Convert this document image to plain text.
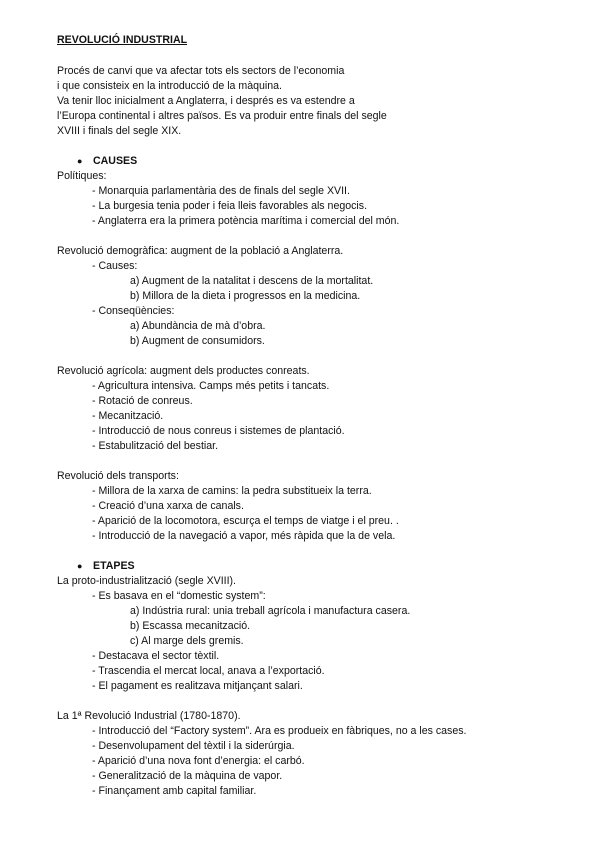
REVOLUCIÓ INDUSTRIAL
Procés de canvi que va afectar tots els sectors de l’economia
i que consisteix en la introducció de la màquina.
Va tenir lloc inicialment a Anglaterra, i després es va estendre a
l’Europa continental i altres països. Es va produir entre finals del segle
XVIII i finals del segle XIX.
● CAUSES
Polítiques:
- Monarquia parlamentària des de finals del segle XVII.
- La burgesia tenia poder i feia lleis favorables als negocis.
- Anglaterra era la primera potència marítima i comercial del món.
Revolució demogràfica: augment de la població a Anglaterra.
- Causes:
a) Augment de la natalitat i descens de la mortalitat.
b) Millora de la dieta i progressos en la medicina.
- Conseqüències:
a) Abundància de mà d’obra.
b) Augment de consumidors.
Revolució agrícola: augment dels productes conreats.
- Agricultura intensiva. Camps més petits i tancats.
- Rotació de conreus.
- Mecanització.
- Introducció de nous conreus i sistemes de plantació.
- Estabulització del bestiar.
Revolució dels transports:
- Millora de la xarxa de camins: la pedra substitueix la terra.
- Creació d’una xarxa de canals.
- Aparició de la locomotora, escurça el temps de viatge i el preu. .
- Introducció de la navegació a vapor, més ràpida que la de vela.
● ETAPES
La proto-industrialització (segle XVIII).
- Es basava en el “domestic system”:
a) Indústria rural: unia treball agrícola i manufactura casera.
b) Escassa mecanització.
c) Al marge dels gremis.
- Destacava el sector tèxtil.
- Trascendia el mercat local, anava a l’exportació.
- El pagament es realitzava mitjançant salari.
La 1ª Revolució Industrial (1780-1870).
- Introducció del “Factory system”. Ara es produeix en fàbriques, no a les cases.
- Desenvolupament del tèxtil i la siderúrgia.
- Aparició d’una nova font d’energia: el carbó.
- Generalització de la màquina de vapor.
- Finançament amb capital familiar.
